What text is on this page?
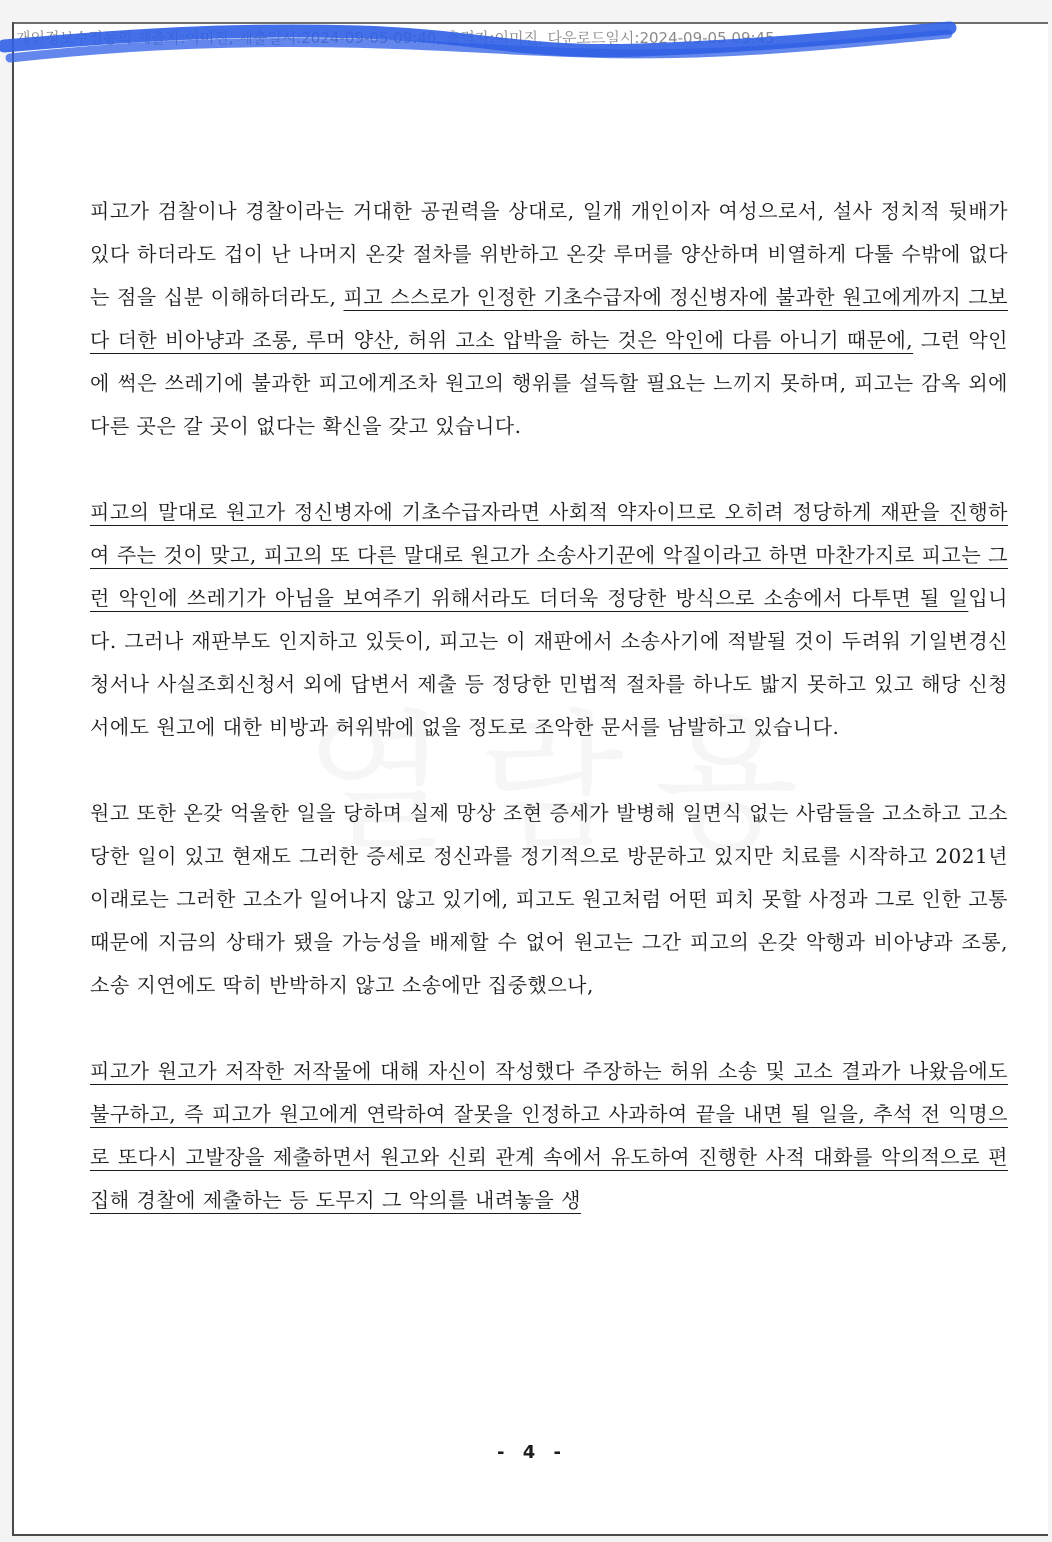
개인정보수집동의 제출자:이미진, 제출일시:2024-09-05 09:40, 출력자:이미진, 다운로드일시:2024-09-05 09:45

피고가 검찰이나 경찰이라는 거대한 공권력을 상대로, 일개 개인이자 여성으로서, 설사 정치적 뒷배가 있다 하더라도 겁이 난 나머지 온갖 절차를 위반하고 온갖 루머를 양산하며 비열하게 다툴 수밖에 없다는 점을 십분 이해하더라도, 피고 스스로가 인정한 기초수급자에 정신병자에 불과한 원고에게까지 그보다 더한 비아냥과 조롱, 루머 양산, 허위 고소 압박을 하는 것은 악인에 다름 아니기 때문에, 그런 악인에 썩은 쓰레기에 불과한 피고에게조차 원고의 행위를 설득할 필요는 느끼지 못하며, 피고는 감옥 외에 다른 곳은 갈 곳이 없다는 확신을 갖고 있습니다.

피고의 말대로 원고가 정신병자에 기초수급자라면 사회적 약자이므로 오히려 정당하게 재판을 진행하여 주는 것이 맞고, 피고의 또 다른 말대로 원고가 소송사기꾼에 악질이라고 하면 마찬가지로 피고는 그런 악인에 쓰레기가 아님을 보여주기 위해서라도 더더욱 정당한 방식으로 소송에서 다투면 될 일입니다. 그러나 재판부도 인지하고 있듯이, 피고는 이 재판에서 소송사기에 적발될 것이 두려워 기일변경신청서나 사실조회신청서 외에 답변서 제출 등 정당한 민법적 절차를 하나도 밟지 못하고 있고 해당 신청서에도 원고에 대한 비방과 허위밖에 없을 정도로 조악한 문서를 남발하고 있습니다.

원고 또한 온갖 억울한 일을 당하며 실제 망상 조현 증세가 발병해 일면식 없는 사람들을 고소하고 고소당한 일이 있고 현재도 그러한 증세로 정신과를 정기적으로 방문하고 있지만 치료를 시작하고 2021년 이래로는 그러한 고소가 일어나지 않고 있기에, 피고도 원고처럼 어떤 피치 못할 사정과 그로 인한 고통 때문에 지금의 상태가 됐을 가능성을 배제할 수 없어 원고는 그간 피고의 온갖 악행과 비아냥과 조롱, 소송 지연에도 딱히 반박하지 않고 소송에만 집중했으나,

피고가 원고가 저작한 저작물에 대해 자신이 작성했다 주장하는 허위 소송 및 고소 결과가 나왔음에도 불구하고, 즉 피고가 원고에게 연락하여 잘못을 인정하고 사과하여 끝을 내면 될 일을, 추석 전 익명으로 또다시 고발장을 제출하면서 원고와 신뢰 관계 속에서 유도하여 진행한 사적 대화를 악의적으로 편집해 경찰에 제출하는 등 도무지 그 악의를 내려놓을 생

- 4 -
